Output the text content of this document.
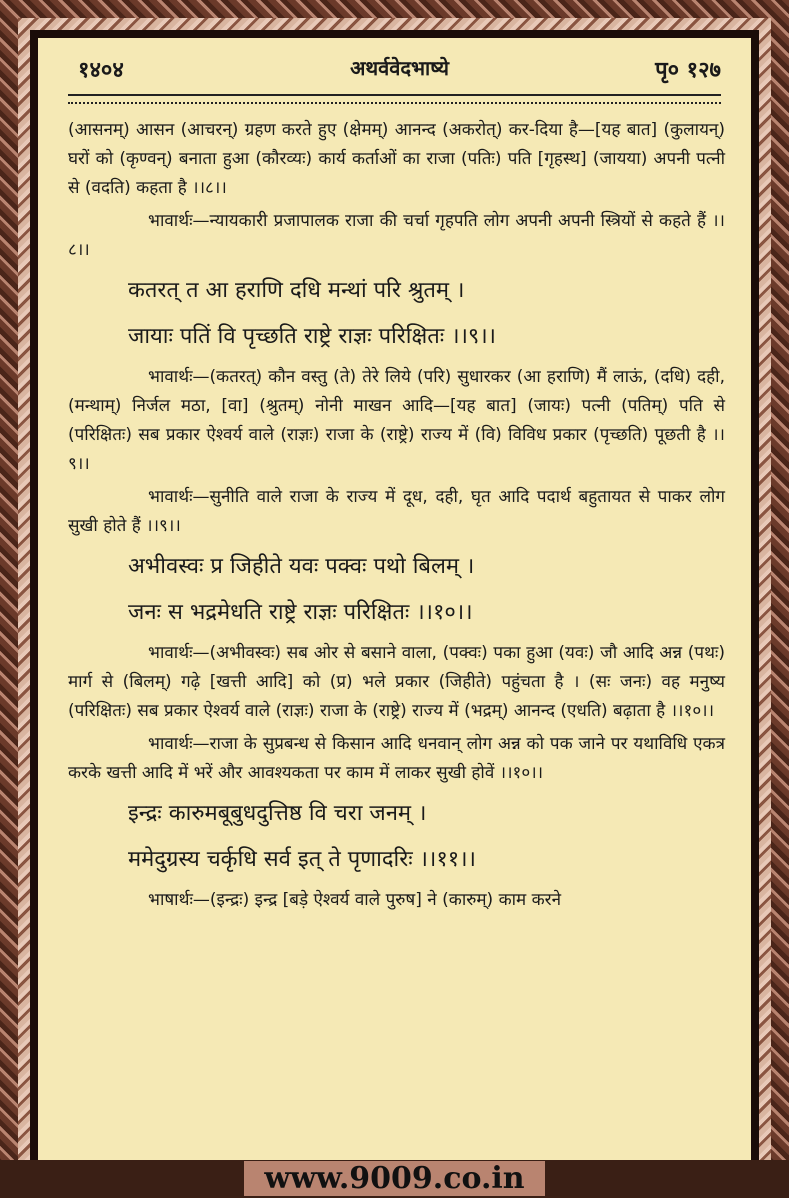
१४०४	अथर्ववेदभाष्ये	पृ० १२७

(आसनम्) आसन (आचरन्) ग्रहण करते हुए (क्षेमम्) आनन्द (अकरोत्) कर-दिया है—[यह बात] (कुलायन्) घरों को (कृण्वन्) बनाता हुआ (कौरव्यः) कार्य कर्ताओं का राजा (पतिः) पति [गृहस्थ] (जायया) अपनी पत्नी से (वदति) कहता है ।।८।।

भावार्थः—न्यायकारी प्रजापालक राजा की चर्चा गृहपति लोग अपनी अपनी स्त्रियों से कहते हैं ।।८।।

कतरत् त आ हराणि दधि मन्थां परि श्रुतम् ।
जायाः पतिं वि पृच्छति राष्ट्रे राज्ञः परिक्षितः ।।९।।

भावार्थः—(कतरत्) कौन वस्तु (ते) तेरे लिये (परि) सुधारकर (आ हराणि) मैं लाऊं, (दधि) दही, (मन्थाम्) निर्जल मठा, [वा] (श्रुतम्) नोनी माखन आदि—[यह बात] (जायः) पत्नी (पतिम्) पति से (परिक्षितः) सब प्रकार ऐश्वर्य वाले (राज्ञः) राजा के (राष्ट्रे) राज्य में (वि) विविध प्रकार (पृच्छति) पूछती है ।।९।।

भावार्थः—सुनीति वाले राजा के राज्य में दूध, दही, घृत आदि पदार्थ बहुतायत से पाकर लोग सुखी होते हैं ।।९।।

अभीवस्वः प्र जिहीते यवः पक्वः पथो बिलम् ।
जनः स भद्रमेधति राष्ट्रे राज्ञः परिक्षितः ।।१०।।

भावार्थः—(अभीवस्वः) सब ओर से बसाने वाला, (पक्वः) पका हुआ (यवः) जौ आदि अन्न (पथः) मार्ग से (बिलम्) गढ़े [खत्ती आदि] को (प्र) भले प्रकार (जिहीते) पहुंचता है । (सः जनः) वह मनुष्य (परिक्षितः) सब प्रकार ऐश्वर्य वाले (राज्ञः) राजा के (राष्ट्रे) राज्य में (भद्रम्) आनन्द (एधति) बढ़ाता है ।।१०।।

भावार्थः—राजा के सुप्रबन्ध से किसान आदि धनवान् लोग अन्न को पक जाने पर यथाविधि एकत्र करके खत्ती आदि में भरें और आवश्यकता पर काम में लाकर सुखी होवें ।।१०।।

इन्द्रः कारुमबूबुधदुत्तिष्ठ वि चरा जनम् ।
ममेदुग्रस्य चर्कृधि सर्व इत् ते पृणादरिः ।।११।।

भाषार्थः—(इन्द्रः) इन्द्र [बड़े ऐश्वर्य वाले पुरुष] ने (कारुम्) काम करने

www.9009.co.in
